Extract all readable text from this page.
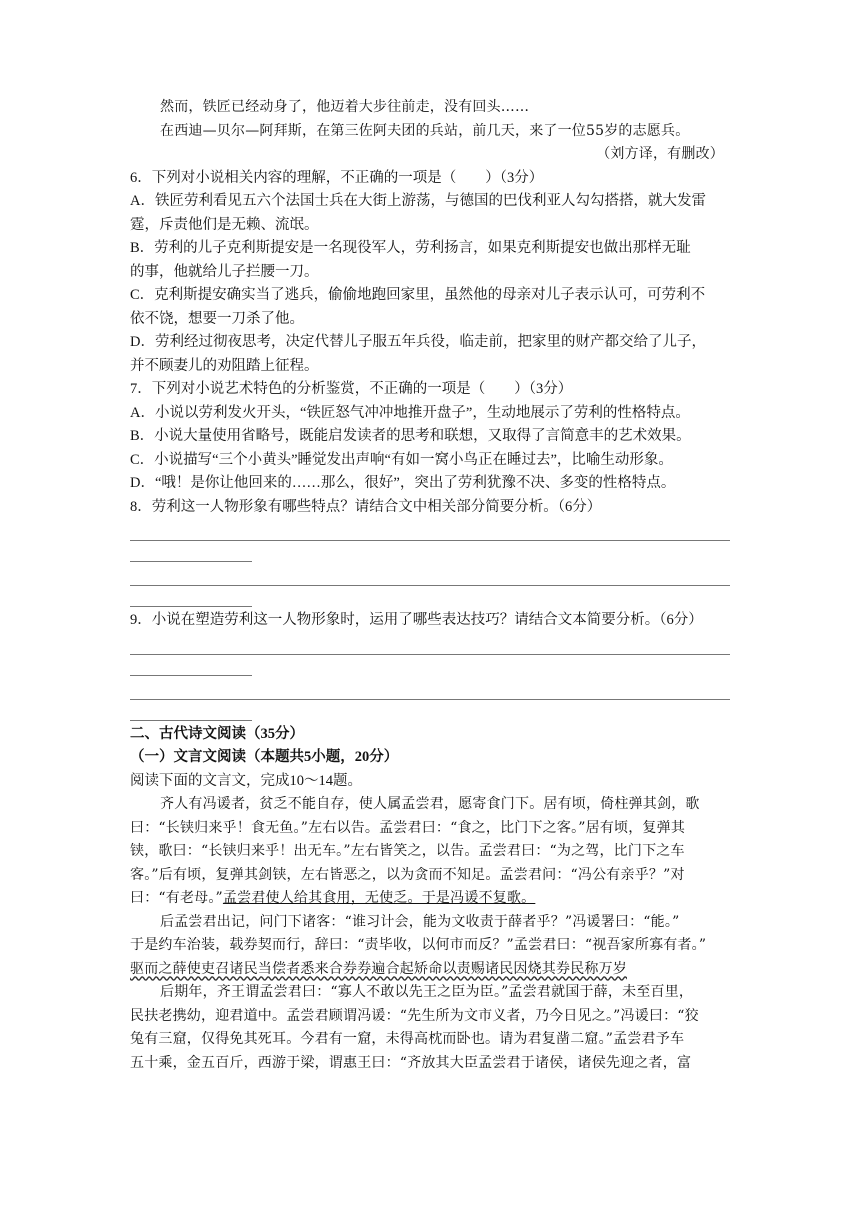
然而，铁匠已经动身了，他迈着大步往前走，没有回头……
在西迪—贝尔—阿拜斯，在第三佐阿夫团的兵站，前几天，来了一位55岁的志愿兵。
（刘方译，有删改）
6．下列对小说相关内容的理解，不正确的一项是（　　）（3分）
A．铁匠劳利看见五六个法国士兵在大街上游荡，与德国的巴伐利亚人勾勾搭搭，就大发雷
霆，斥责他们是无赖、流氓。
B．劳利的儿子克利斯提安是一名现役军人，劳利扬言，如果克利斯提安也做出那样无耻
的事，他就给儿子拦腰一刀。
C．克利斯提安确实当了逃兵，偷偷地跑回家里，虽然他的母亲对儿子表示认可，可劳利不
依不饶，想要一刀杀了他。
D．劳利经过彻夜思考，决定代替儿子服五年兵役，临走前，把家里的财产都交给了儿子，
并不顾妻儿的劝阻踏上征程。
7．下列对小说艺术特色的分析鉴赏，不正确的一项是（　　）（3分）
A．小说以劳利发火开头，“铁匠怒气冲冲地推开盘子”，生动地展示了劳利的性格特点。
B．小说大量使用省略号，既能启发读者的思考和联想，又取得了言简意丰的艺术效果。
C．小说描写“三个小黄头”睡觉发出声响“有如一窝小鸟正在睡过去”，比喻生动形象。
D．“哦！是你让他回来的……那么，很好”，突出了劳利犹豫不决、多变的性格特点。
8．劳利这一人物形象有哪些特点？请结合文中相关部分简要分析。（6分）
9．小说在塑造劳利这一人物形象时，运用了哪些表达技巧？请结合文本简要分析。（6分）
二、古代诗文阅读（35分）
（一）文言文阅读（本题共5小题，20分）
阅读下面的文言文，完成10～14题。
齐人有冯谖者，贫乏不能自存，使人属孟尝君，愿寄食门下。居有顷，倚柱弹其剑，歌
曰：“长铗归来乎！食无鱼。”左右以告。孟尝君曰：“食之，比门下之客。”居有顷，复弹其
铗，歌曰：“长铗归来乎！出无车。”左右皆笑之，以告。孟尝君曰：“为之驾，比门下之车
客。”后有顷，复弹其剑铗，左右皆恶之，以为贪而不知足。孟尝君问：“冯公有亲乎？”对
曰：“有老母。”孟尝君使人给其食用，无使乏。于是冯谖不复歌。
后孟尝君出记，问门下诸客：“谁习计会，能为文收责于薛者乎？”冯谖署曰：“能。”
于是约车治装，载券契而行，辞曰：“责毕收，以何市而反？”孟尝君曰：“视吾家所寡有者。”
驱而之薛使吏召诸民当偿者悉来合券券遍合起矫命以责赐诸民因烧其券民称万岁
后期年，齐王谓孟尝君曰：“寡人不敢以先王之臣为臣。”孟尝君就国于薛，未至百里，
民扶老携幼，迎君道中。孟尝君顾谓冯谖：“先生所为文市义者，乃今日见之。”冯谖曰：“狡
兔有三窟，仅得免其死耳。今君有一窟，未得高枕而卧也。请为君复凿二窟。”孟尝君予车
五十乘，金五百斤，西游于梁，谓惠王曰：“齐放其大臣孟尝君于诸侯，诸侯先迎之者，富
